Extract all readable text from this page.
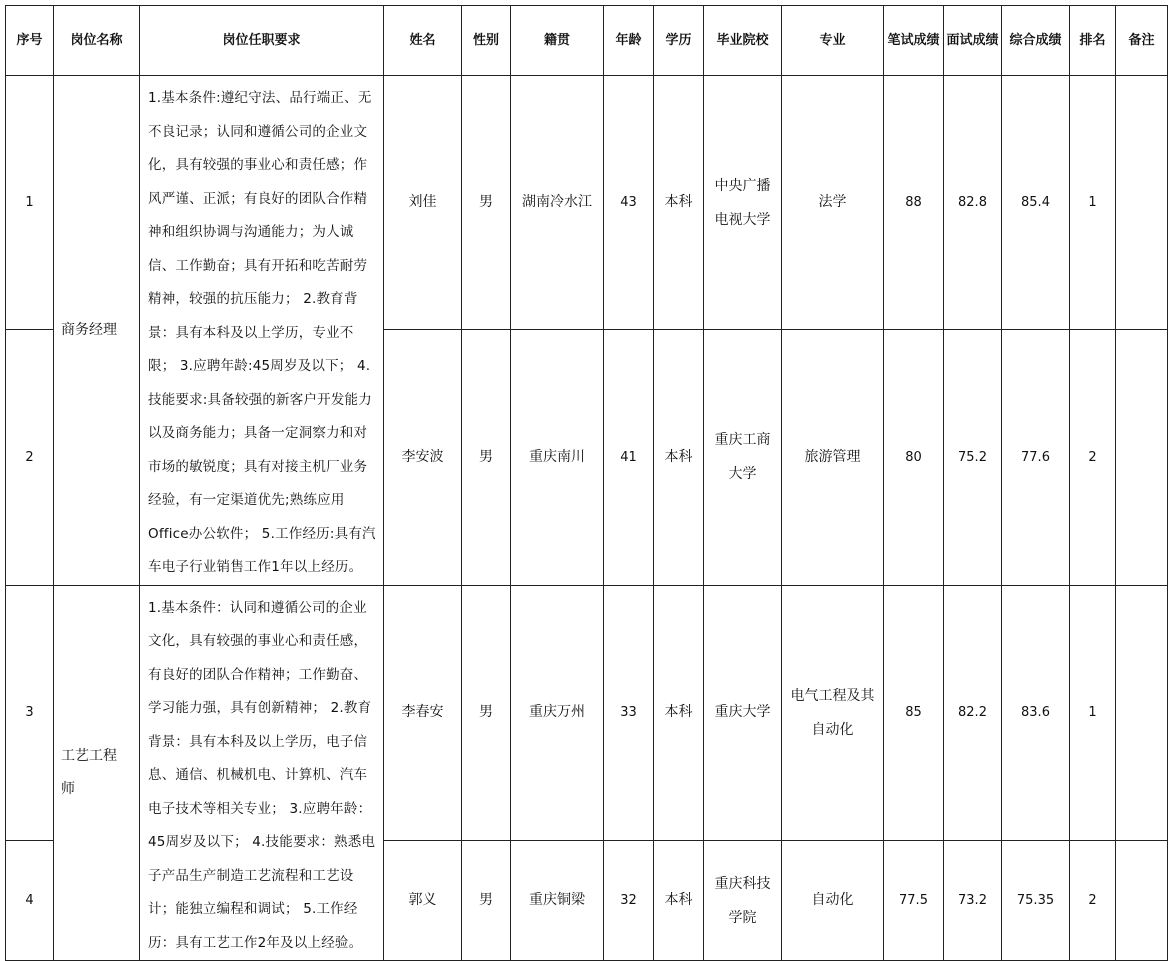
序号	岗位名称	岗位任职要求	姓名	性别	籍贯	年龄	学历	毕业院校	专业	笔试成绩	面试成绩	综合成绩	排名	备注
1	商务经理	1.基本条件:遵纪守法、品行端正、无不良记录；认同和遵循公司的企业文化，具有较强的事业心和责任感；作风严谨、正派；有良好的团队合作精神和组织协调与沟通能力；为人诚信、工作勤奋；具有开拓和吃苦耐劳精神，较强的抗压能力； 2.教育背景：具有本科及以上学历，专业不限； 3.应聘年龄:45周岁及以下； 4.技能要求:具备较强的新客户开发能力以及商务能力；具备一定洞察力和对市场的敏锐度；具有对接主机厂业务经验，有一定渠道优先;熟练应用Office办公软件； 5.工作经历:具有汽车电子行业销售工作1年以上经历。	刘佳	男	湖南冷水江	43	本科	中央广播电视大学	法学	88	82.8	85.4	1	
2			李安波	男	重庆南川	41	本科	重庆工商大学	旅游管理	80	75.2	77.6	2	
3	工艺工程师	1.基本条件：认同和遵循公司的企业文化，具有较强的事业心和责任感，有良好的团队合作精神；工作勤奋、学习能力强，具有创新精神； 2.教育背景：具有本科及以上学历，电子信息、通信、机械机电、计算机、汽车电子技术等相关专业； 3.应聘年龄：45周岁及以下； 4.技能要求：熟悉电子产品生产制造工艺流程和工艺设计；能独立编程和调试； 5.工作经历：具有工艺工作2年及以上经验。	李春安	男	重庆万州	33	本科	重庆大学	电气工程及其自动化	85	82.2	83.6	1	
4			郭义	男	重庆铜梁	32	本科	重庆科技学院	自动化	77.5	73.2	75.35	2	
